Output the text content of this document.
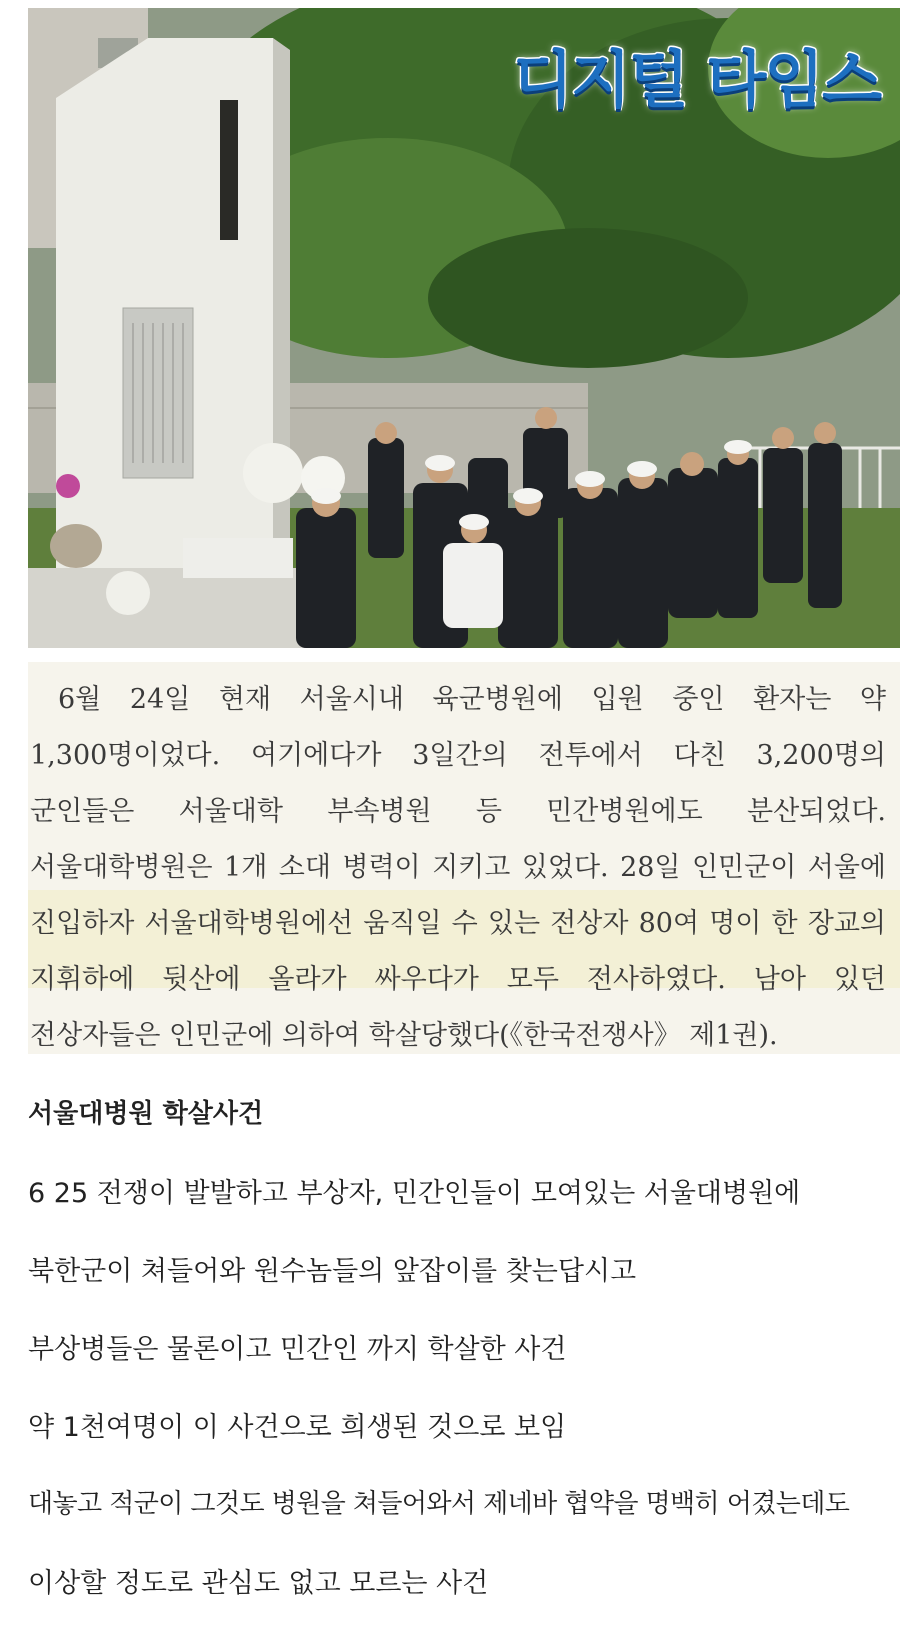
디지털 타임스

6월 24일 현재 서울시내 육군병원에 입원 중인 환자는 약 1,300명이었다. 여기에다가 3일간의 전투에서 다친 3,200명의 군인들은 서울대학 부속병원 등 민간병원에도 분산되었다. 서울대학병원은 1개 소대 병력이 지키고 있었다. 28일 인민군이 서울에 진입하자 서울대학병원에선 움직일 수 있는 전상자 80여 명이 한 장교의 지휘하에 뒷산에 올라가 싸우다가 모두 전사하였다. 남아 있던 전상자들은 인민군에 의하여 학살당했다(《한국전쟁사》 제1권).

서울대병원 학살사건

6 25 전쟁이 발발하고 부상자, 민간인들이 모여있는 서울대병원에

북한군이 쳐들어와 원수놈들의 앞잡이를 찾는답시고

부상병들은 물론이고 민간인 까지 학살한 사건

약 1천여명이 이 사건으로 희생된 것으로 보임

대놓고 적군이 그것도 병원을 쳐들어와서 제네바 협약을 명백히 어겼는데도

이상할 정도로 관심도 없고 모르는 사건
